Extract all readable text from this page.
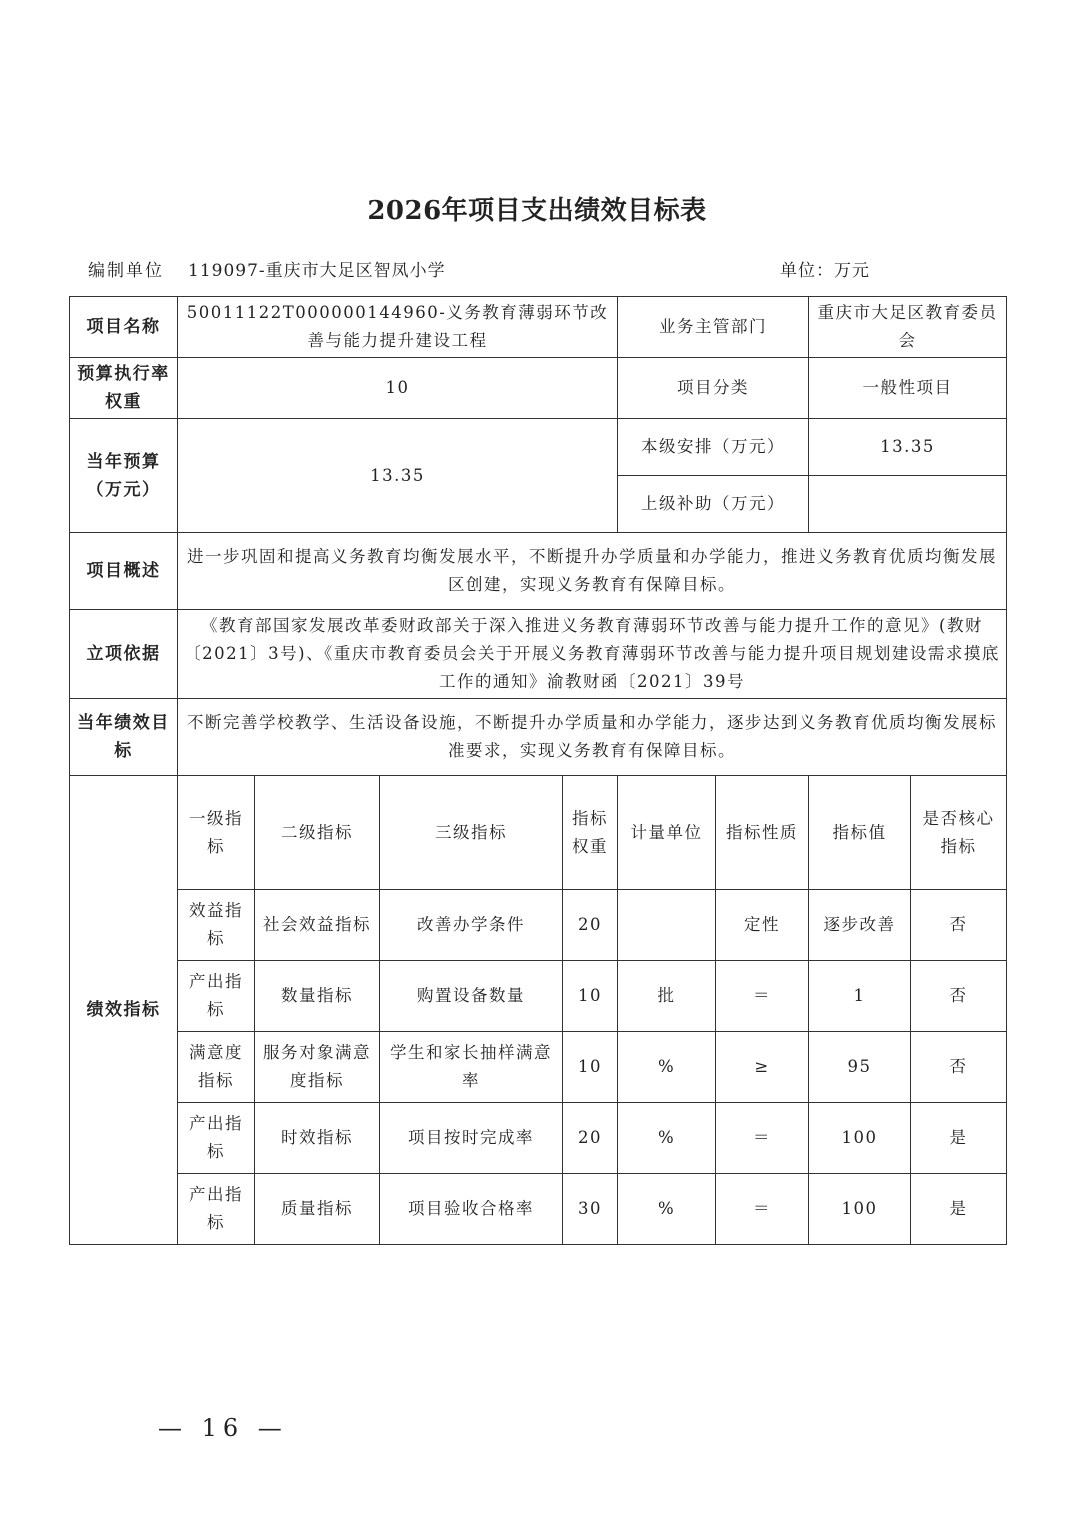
2026年项目支出绩效目标表
编制单位 119097-重庆市大足区智凤小学	单位：万元
项目名称	50011122T000000144960-义务教育薄弱环节改善与能力提升建设工程				业务主管部门		重庆市大足区教育委员会	
预算执行率权重	10				项目分类		一般性项目	
当年预算（万元）	13.35				本级安排（万元）		13.35	
					上级补助（万元）			
项目概述	进一步巩固和提高义务教育均衡发展水平，不断提升办学质量和办学能力，推进义务教育优质均衡发展区创建，实现义务教育有保障目标。							
立项依据	《教育部国家发展改革委财政部关于深入推进义务教育薄弱环节改善与能力提升工作的意见》(教财〔2021〕3号)、《重庆市教育委员会关于开展义务教育薄弱环节改善与能力提升项目规划建设需求摸底工作的通知》渝教财函〔2021〕39号							
当年绩效目标	不断完善学校教学、生活设备设施，不断提升办学质量和办学能力，逐步达到义务教育优质均衡发展标准要求，实现义务教育有保障目标。							
绩效指标	一级指标	二级指标	三级指标	指标权重	计量单位	指标性质	指标值	是否核心指标
	效益指标	社会效益指标	改善办学条件	20		定性	逐步改善	否
	产出指标	数量指标	购置设备数量	10	批	＝	1	否
	满意度指标	服务对象满意度指标	学生和家长抽样满意率	10	%	≥	95	否
	产出指标	时效指标	项目按时完成率	20	%	＝	100	是
	产出指标	质量指标	项目验收合格率	30	%	＝	100	是
— 16 —
